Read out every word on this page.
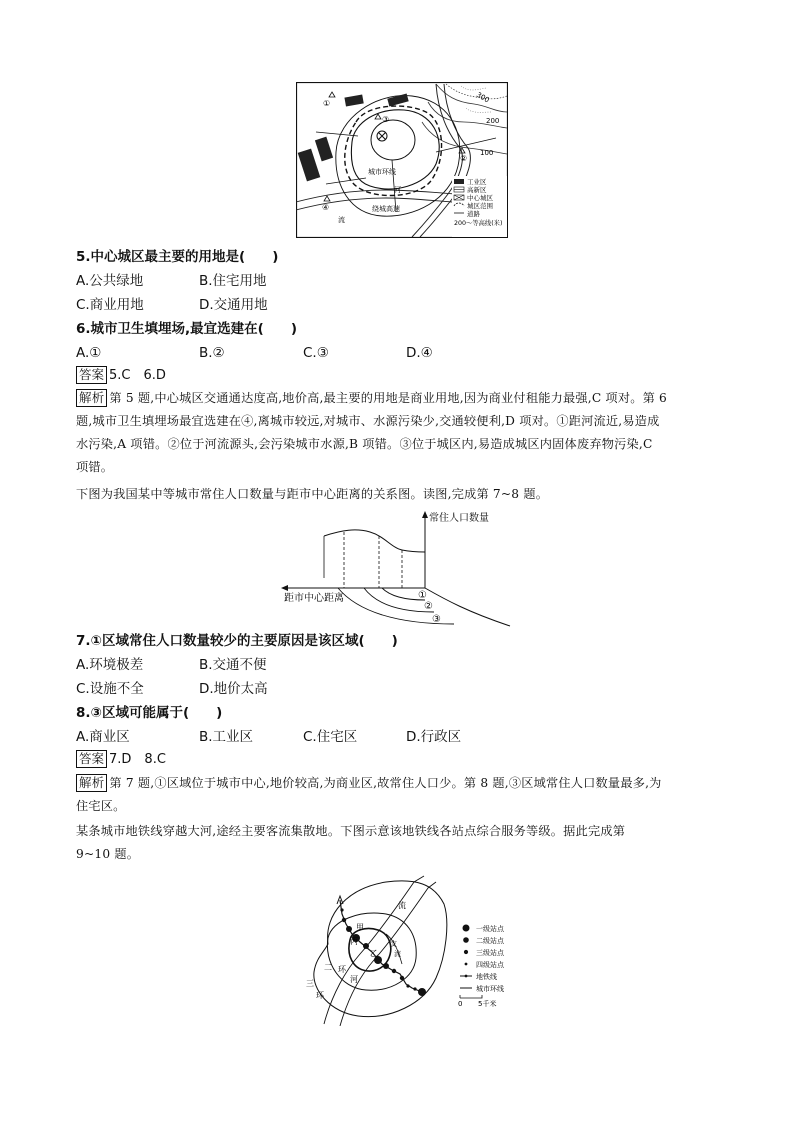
300
200
100
①
③
②
④
城市环线
河
流
绕城高速
工业区
高新区
中心城区
城区范围
道路
200～等高线(米)
5.中心城区最主要的用地是(　　)
A.公共绿地	B.住宅用地
C.商业用地	D.交通用地
6.城市卫生填埋场,最宜选建在(　　)
A.①	B.②	C.③	D.④
答案 5.C　6.D
解析 第 5 题,中心城区交通通达度高,地价高,最主要的用地是商业用地,因为商业付租能力最强,C 项对。第 6
题,城市卫生填埋场最宜选建在④,离城市较远,对城市、水源污染少,交通较便利,D 项对。①距河流近,易造成
水污染,A 项错。②位于河流源头,会污染城市水源,B 项错。③位于城区内,易造成城区内固体废弃物污染,C
项错。
下图为我国某中等城市常住人口数量与距市中心距离的关系图。读图,完成第 7~8 题。
常住人口数量
距市中心距离	①
②
③
7.①区域常住人口数量较少的主要原因是该区域(　　)
A.环境极差	B.交通不便
C.设施不全	D.地价太高
8.③区域可能属于(　　)
A.商业区	B.工业区	C.住宅区	D.行政区
答案 7.D　8.C
解析 第 7 题,①区域位于城市中心,地价较高,为商业区,故常住人口少。第 8 题,③区域常住人口数量最多,为
住宅区。
某条城市地铁线穿越大河,途经主要客流集散地。下图示意该地铁线各站点综合服务等级。据此完成第
9~10 题。
流
甲
丙
乙
支
流
二 环
河
三
环
一级站点
二级站点
三级站点
四级站点
地铁线
城市环线
0 5千米
